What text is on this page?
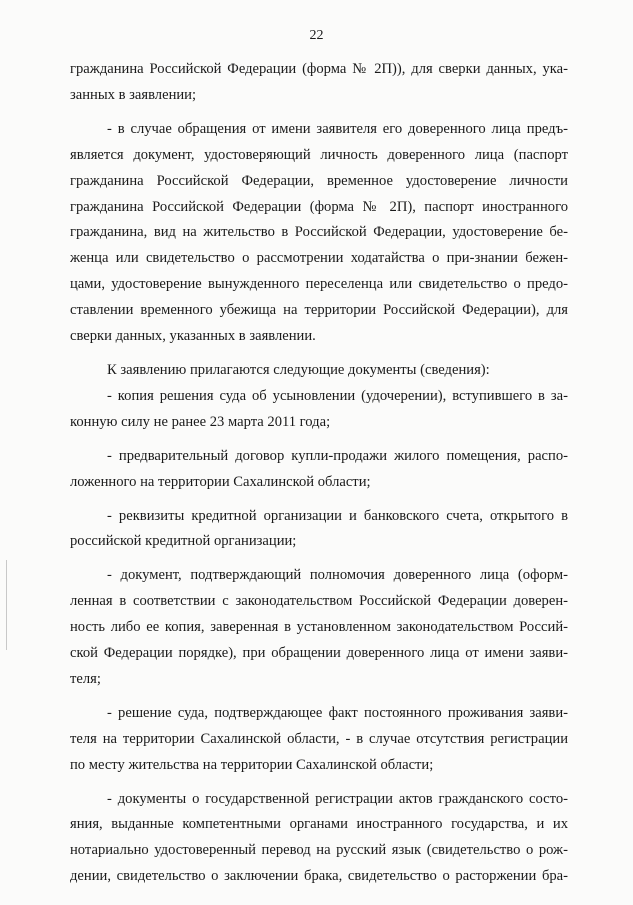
22
гражданина Российской Федерации (форма № 2П)), для сверки данных, ука-
занных в заявлении;
- в случае обращения от имени заявителя его доверенного лица предъ-
является документ, удостоверяющий личность доверенного лица (паспорт
гражданина Российской Федерации, временное удостоверение личности
гражданина Российской Федерации (форма № 2П), паспорт иностранного
гражданина, вид на жительство в Российской Федерации, удостоверение бе-
женца или свидетельство о рассмотрении ходатайства о при-знании бежен-
цами, удостоверение вынужденного переселенца или свидетельство о предо-
ставлении временного убежища на территории Российской Федерации), для
сверки данных, указанных в заявлении.
К заявлению прилагаются следующие документы (сведения):
- копия решения суда об усыновлении (удочерении), вступившего в за-
конную силу не ранее 23 марта 2011 года;
- предварительный договор купли-продажи жилого помещения, распо-
ложенного на территории Сахалинской области;
- реквизиты кредитной организации и банковского счета, открытого в
российской кредитной организации;
- документ, подтверждающий полномочия доверенного лица (оформ-
ленная в соответствии с законодательством Российской Федерации доверен-
ность либо ее копия, заверенная в установленном законодательством Россий-
ской Федерации порядке), при обращении доверенного лица от имени заяви-
теля;
- решение суда, подтверждающее факт постоянного проживания заяви-
теля на территории Сахалинской области, - в случае отсутствия регистрации
по месту жительства на территории Сахалинской области;
- документы о государственной регистрации актов гражданского состо-
яния, выданные компетентными органами иностранного государства, и их
нотариально удостоверенный перевод на русский язык (свидетельство о рож-
дении, свидетельство о заключении брака, свидетельство о расторжении бра-
